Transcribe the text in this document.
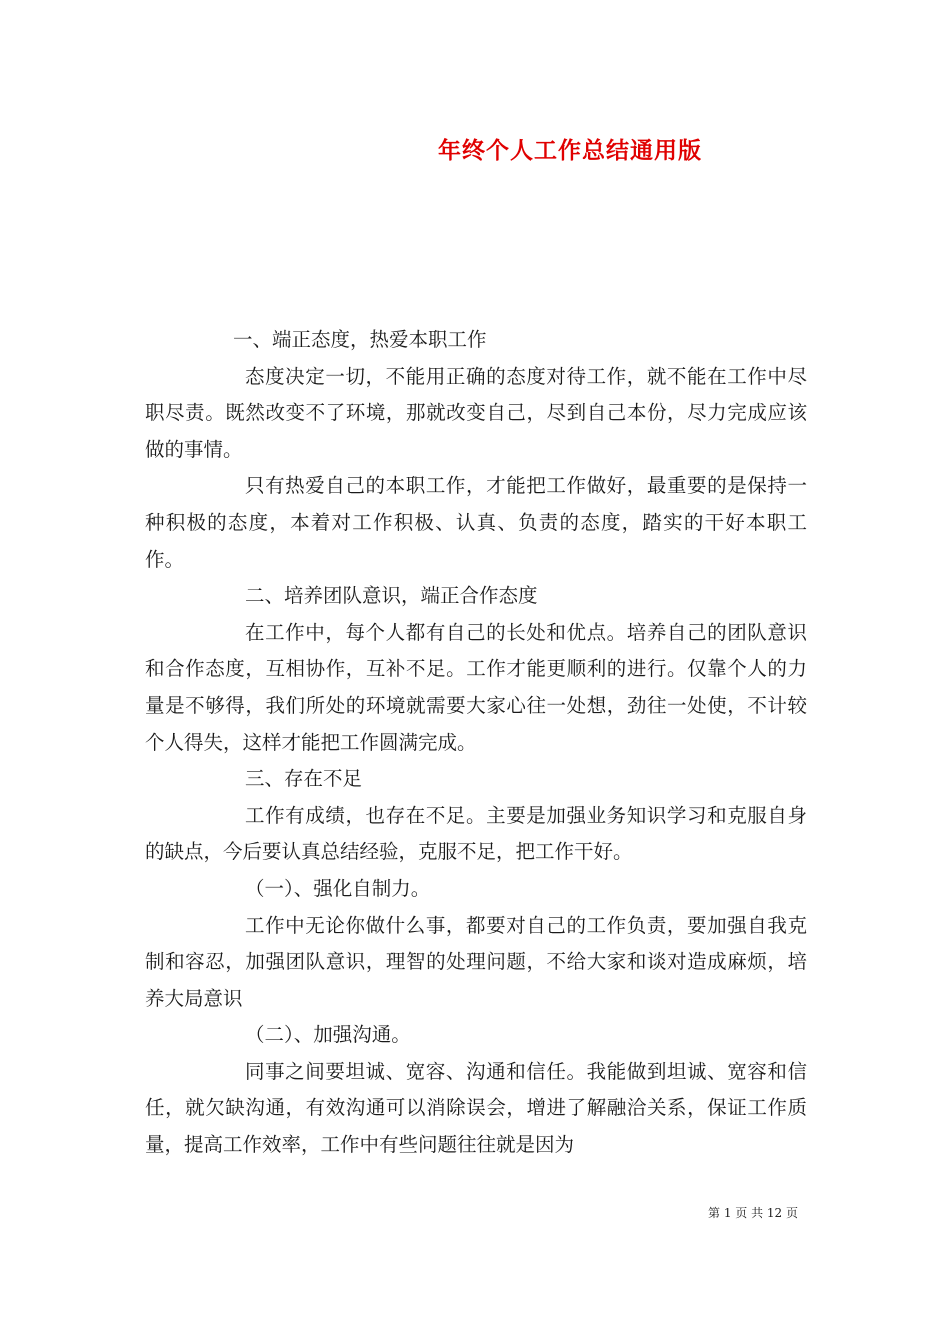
年终个人工作总结通用版

一、端正态度，热爱本职工作

态度决定一切，不能用正确的态度对待工作，就不能在工作中尽职尽责。既然改变不了环境，那就改变自己，尽到自己本份，尽力完成应该做的事情。

只有热爱自己的本职工作，才能把工作做好，最重要的是保持一种积极的态度，本着对工作积极、认真、负责的态度，踏实的干好本职工作。

二、培养团队意识，端正合作态度

在工作中，每个人都有自己的长处和优点。培养自己的团队意识和合作态度，互相协作，互补不足。工作才能更顺利的进行。仅靠个人的力量是不够得，我们所处的环境就需要大家心往一处想，劲往一处使，不计较个人得失，这样才能把工作圆满完成。

三、存在不足

工作有成绩，也存在不足。主要是加强业务知识学习和克服自身的缺点，今后要认真总结经验，克服不足，把工作干好。

（一）、强化自制力。

工作中无论你做什么事，都要对自己的工作负责，要加强自我克制和容忍，加强团队意识，理智的处理问题，不给大家和谈对造成麻烦，培养大局意识

（二）、加强沟通。

同事之间要坦诚、宽容、沟通和信任。我能做到坦诚、宽容和信任，就欠缺沟通，有效沟通可以消除误会，增进了解融洽关系，保证工作质量，提高工作效率，工作中有些问题往往就是因为

第 1 页 共 12 页
